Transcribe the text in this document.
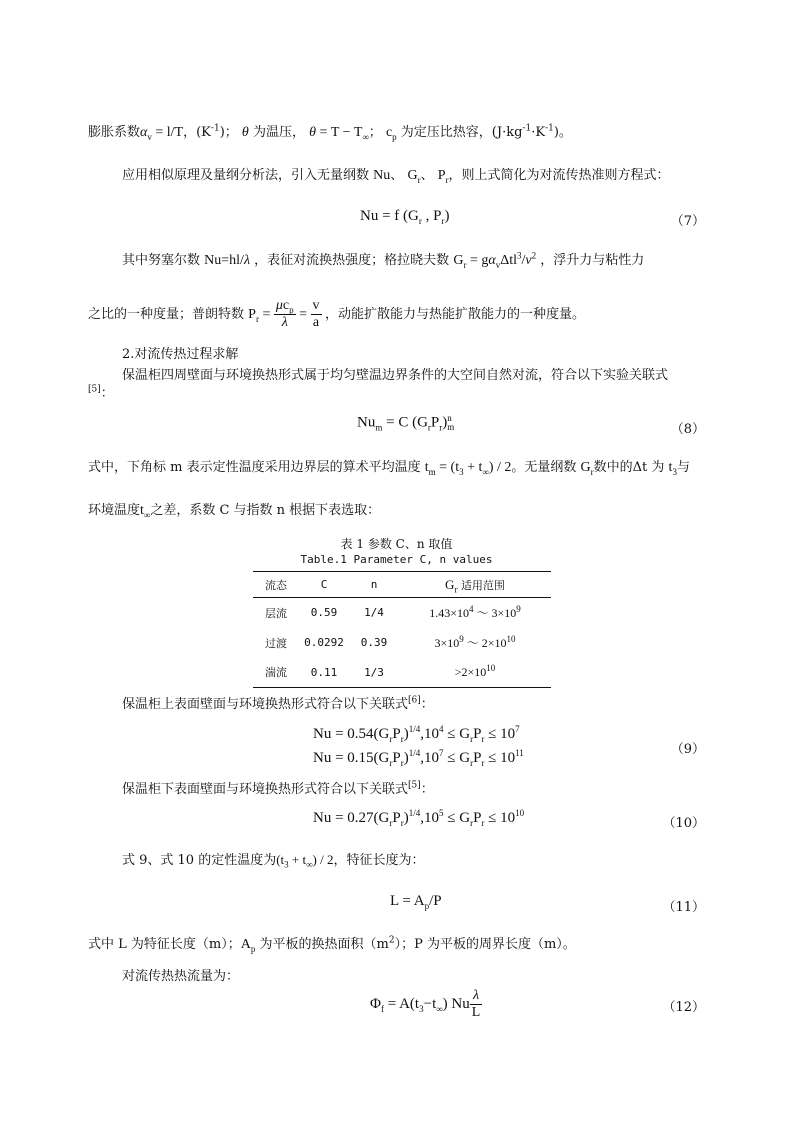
膨胀系数$\alpha_v = l/T$，$(K^{-1})$； θ 为温压， $\theta = T - T_\infty$； $c_p$ 为定压比热容，$(J\cdot kg^{-1}\cdot K^{-1})$。
应用相似原理及量纲分析法，引入无量纲数 Nu、 $G_r$、 $P_r$，则上式简化为对流传热准则方程式：
Nu = f ($G_r$ , $P_r$)	（7）
其中努塞尔数 Nu=hl/λ ，表征对流换热强度；格拉晓夫数 $G_r = g\alpha_v\Delta tl^3/\nu^2$ ，浮升力与粘性力
之比的一种度量；普朗特数 $P_r = \frac{\mu c_p}{\lambda} = \frac{v}{a}$ ，动能扩散能力与热能扩散能力的一种度量。
2.对流传热过程求解
保温柜四周壁面与环境换热形式属于均匀壁温边界条件的大空间自然对流，符合以下实验关联式
[5]：
$Nu_m = C$ $(G_rP_r)$ n
m	（8）
式中，下角标 m 表示定性温度采用边界层的算术平均温度 $t_m = (t_3 + t_\infty) / 2$。无量纲数 $G_r$数中的Δt 为 $t_3$与
环境温度$t_\infty$之差，系数 C 与指数 n 根据下表选取：
表 1 参数 C、n 取值
Table.1 Parameter C, n values
流态	C	n	$G_r$ 适用范围
层流	0.59	1/4	$1.43\times 10^4$ ～ $3\times 10^9$
过渡	0.0292	0.39	$3\times 10^9$ ～ $2\times 10^{10}$
湍流	0.11	1/3	$>2\times 10^{10}$
保温柜上表面壁面与环境换热形式符合以下关联式[6]：
$Nu = 0.54(G_rP_r)^{1/4},10^4 \le G_rP_r \le 10^7$
$Nu = 0.15(G_rP_r)^{1/4},10^7 \le G_rP_r \le 10^{11}$	（9）
保温柜下表面壁面与环境换热形式符合以下关联式[5]：
$Nu = 0.27(G_rP_r)^{1/4},10^5 \le G_rP_r \le 10^{10}$
（10）
式 9、式 10 的定性温度为$(t_3 + t_\infty) / 2$，特征长度为：
$L = A_p/P$	（11）
式中 L 为特征长度（m）；$A_p$ 为平板的换热面积$(m^2)$；P 为平板的周界长度（m）。
对流传热热流量为：
$\Phi_f = A(t_3-t_\infty)$ Nu $\frac{\lambda}{L}$	（12）
